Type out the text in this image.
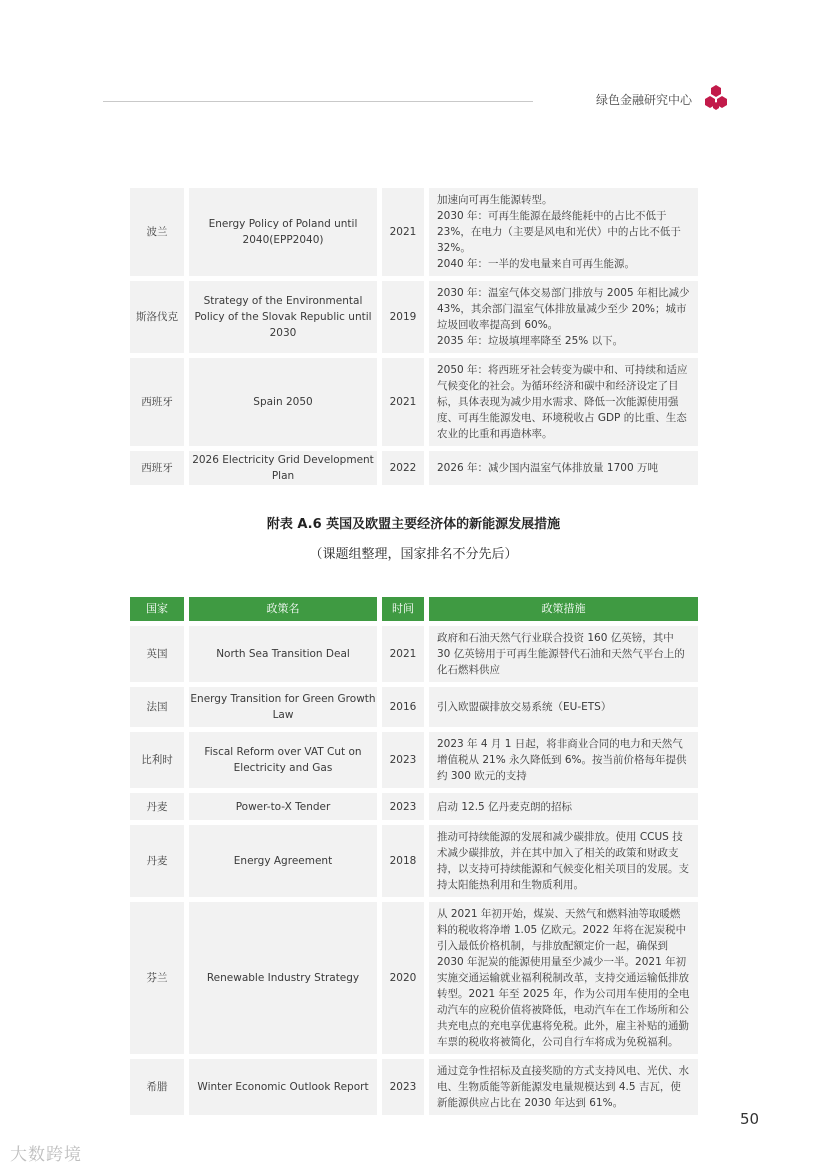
绿色金融研究中心
波兰	Energy Policy of Poland until 2040(EPP2040)	2021	加速向可再生能源转型。
2030 年：可再生能源在最终能耗中的占比不低于 23%，在电力（主要是风电和光伏）中的占比不低于 32%。
2040 年：一半的发电量来自可再生能源。
斯洛伐克	Strategy of the Environmental Policy of the Slovak Republic until 2030	2019	2030 年：温室气体交易部门排放与 2005 年相比减少 43%，其余部门温室气体排放量减少至少 20%；城市垃圾回收率提高到 60%。
2035 年：垃圾填埋率降至 25% 以下。
西班牙	Spain 2050	2021	2050 年：将西班牙社会转变为碳中和、可持续和适应气候变化的社会。为循环经济和碳中和经济设定了目标，具体表现为减少用水需求、降低一次能源使用强度、可再生能源发电、环境税收占 GDP 的比重、生态农业的比重和再造林率。
西班牙	2026 Electricity Grid Development Plan	2022	2026 年：减少国内温室气体排放量 1700 万吨
附表 A.6 英国及欧盟主要经济体的新能源发展措施
（课题组整理，国家排名不分先后）
国家	政策名	时间	政策措施
英国	North Sea Transition Deal	2021	政府和石油天然气行业联合投资 160 亿英镑，其中 30 亿英镑用于可再生能源替代石油和天然气平台上的化石燃料供应
法国	Energy Transition for Green Growth Law	2016	引入欧盟碳排放交易系统（EU-ETS）
比利时	Fiscal Reform over VAT Cut on Electricity and Gas	2023	2023 年 4 月 1 日起，将非商业合同的电力和天然气增值税从 21% 永久降低到 6%。按当前价格每年提供约 300 欧元的支持
丹麦	Power-to-X Tender	2023	启动 12.5 亿丹麦克朗的招标
丹麦	Energy Agreement	2018	推动可持续能源的发展和减少碳排放。使用 CCUS 技术减少碳排放，并在其中加入了相关的政策和财政支持，以支持可持续能源和气候变化相关项目的发展。支持太阳能热利用和生物质利用。
芬兰	Renewable Industry Strategy	2020	从 2021 年初开始，煤炭、天然气和燃料油等取暖燃料的税收将净增 1.05 亿欧元。2022 年将在泥炭税中引入最低价格机制，与排放配额定价一起，确保到 2030 年泥炭的能源使用量至少减少一半。2021 年初实施交通运输就业福利税制改革，支持交通运输低排放转型。2021 年至 2025 年，作为公司用车使用的全电动汽车的应税价值将被降低，电动汽车在工作场所和公共充电点的充电享优惠将免税。此外，雇主补贴的通勤车票的税收将被简化，公司自行车将成为免税福利。
希腊	Winter Economic Outlook Report	2023	通过竞争性招标及直接奖励的方式支持风电、光伏、水电、生物质能等新能源发电量规模达到 4.5 吉瓦，使新能源供应占比在 2030 年达到 61%。
50
大数跨境
